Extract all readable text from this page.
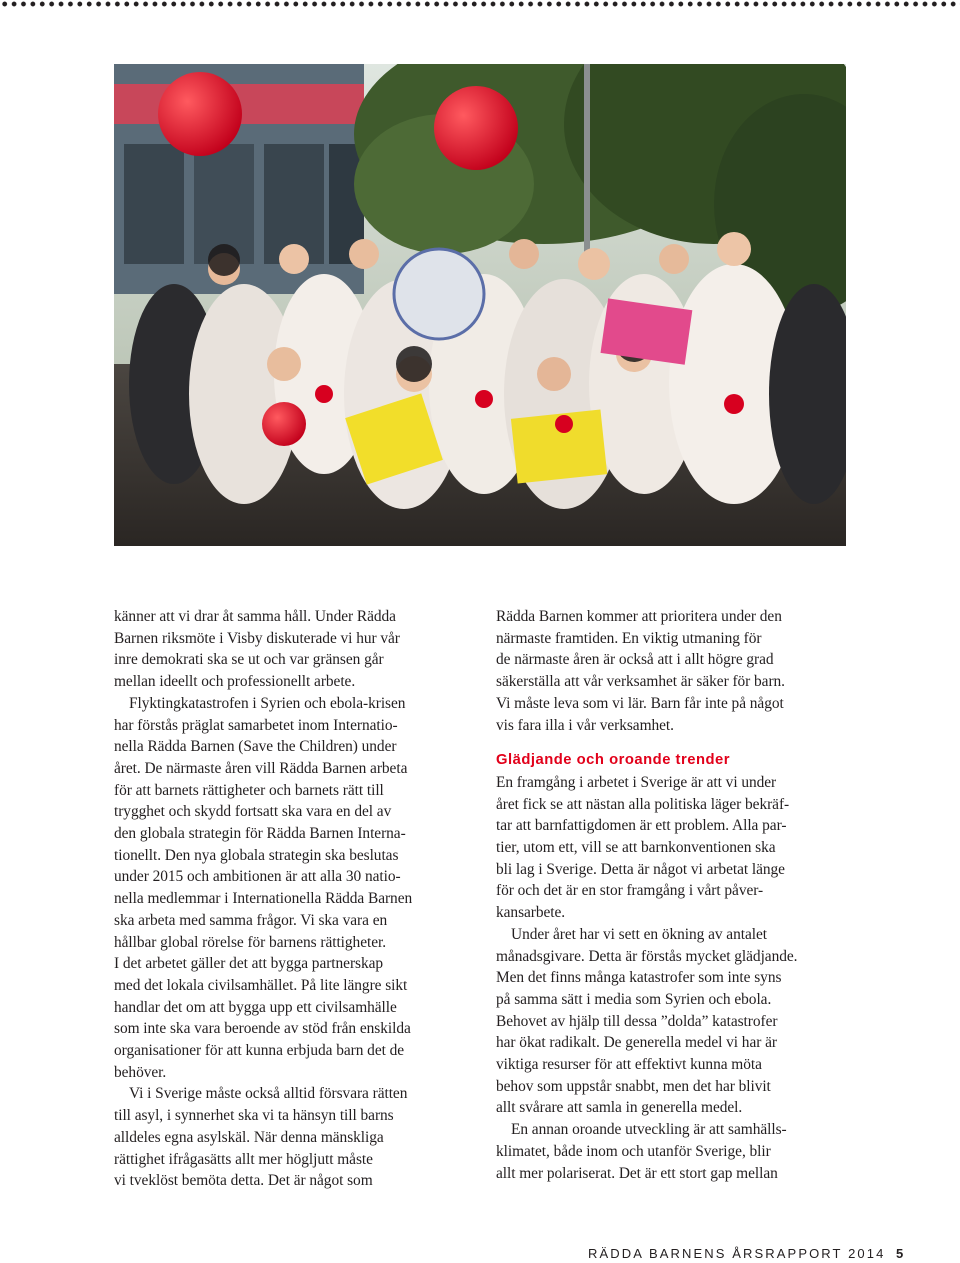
känner att vi drar åt samma håll. Under Rädda
Barnen riksmöte i Visby diskuterade vi hur vår
inre demokrati ska se ut och var gränsen går
mellan ideellt och professionellt arbete.

Flyktingkatastrofen i Syrien och ebola-krisen
har förstås präglat samarbetet inom Internatio-
nella Rädda Barnen (Save the Children) under
året. De närmaste åren vill Rädda Barnen arbeta
för att barnets rättigheter och barnets rätt till
trygghet och skydd fortsatt ska vara en del av
den globala strategin för Rädda Barnen Interna-
tionellt. Den nya globala strategin ska beslutas
under 2015 och ambitionen är att alla 30 natio-
nella medlemmar i Internationella Rädda Barnen
ska arbeta med samma frågor. Vi ska vara en
hållbar global rörelse för barnens rättigheter.
I det arbetet gäller det att bygga partnerskap
med det lokala civilsamhället. På lite längre sikt
handlar det om att bygga upp ett civilsamhälle
som inte ska vara beroende av stöd från enskilda
organisationer för att kunna erbjuda barn det de
behöver.

Vi i Sverige måste också alltid försvara rätten
till asyl, i synnerhet ska vi ta hänsyn till barns
alldeles egna asylskäl. När denna mänskliga
rättighet ifrågasätts allt mer högljutt måste
vi tveklöst bemöta detta. Det är något som

Rädda Barnen kommer att prioritera under den
närmaste framtiden. En viktig utmaning för
de närmaste åren är också att i allt högre grad
säkerställa att vår verksamhet är säker för barn.
Vi måste leva som vi lär. Barn får inte på något
vis fara illa i vår verksamhet.

Glädjande och oroande trender

En framgång i arbetet i Sverige är att vi under
året fick se att nästan alla politiska läger bekräf-
tar att barnfattigdomen är ett problem. Alla par-
tier, utom ett, vill se att barnkonventionen ska
bli lag i Sverige. Detta är något vi arbetat länge
för och det är en stor framgång i vårt påver-
kansarbete.

Under året har vi sett en ökning av antalet
månadsgivare. Detta är förstås mycket glädjande.
Men det finns många katastrofer som inte syns
på samma sätt i media som Syrien och ebola.
Behovet av hjälp till dessa ”dolda” katastrofer
har ökat radikalt. De generella medel vi har är
viktiga resurser för att effektivt kunna möta
behov som uppstår snabbt, men det har blivit
allt svårare att samla in generella medel.

En annan oroande utveckling är att samhälls-
klimatet, både inom och utanför Sverige, blir
allt mer polariserat. Det är ett stort gap mellan

RÄDDA BARNENS ÅRSRAPPORT 2014 5
